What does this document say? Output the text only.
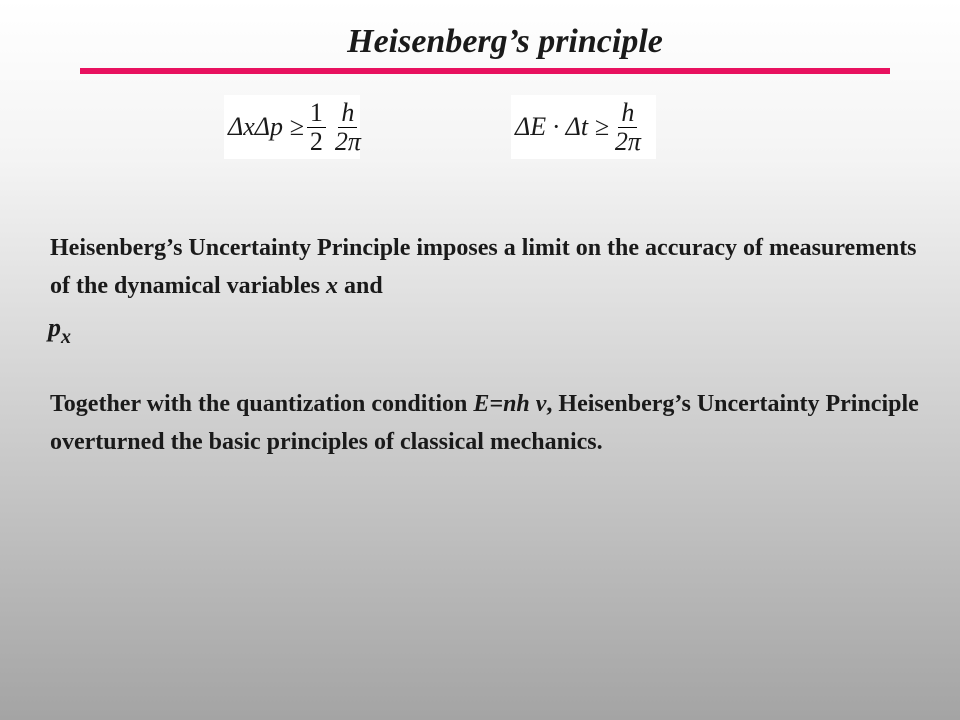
Heisenberg’s principle
$\Delta x\Delta p \ge \frac{1}{2} \frac{h}{2\pi}$	$\Delta E \cdot \Delta t \ge \frac{h}{2\pi}$

Heisenberg’s Uncertainty Principle imposes a limit on the accuracy of measurements of the dynamical variables x and
$p_x$

Together with the quantization condition E=nh ν, Heisenberg’s Uncertainty Principle overturned the basic principles of classical mechanics.
